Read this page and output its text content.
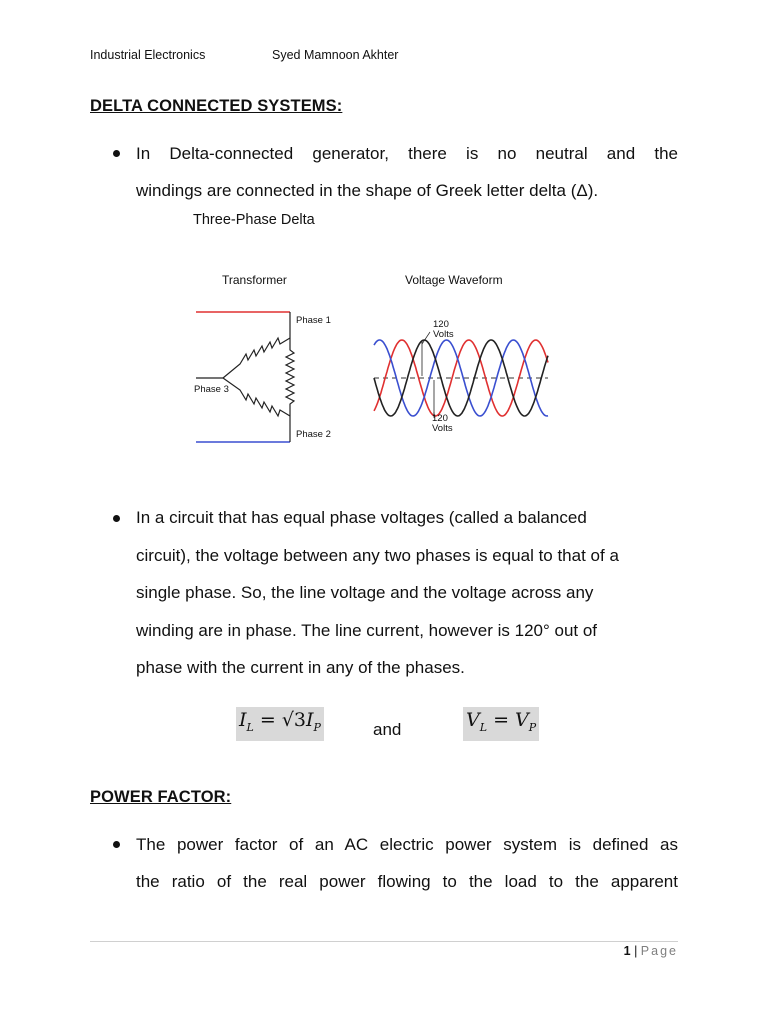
Industrial Electronics	Syed Mamnoon Akhter
DELTA CONNECTED SYSTEMS:
In Delta-connected generator, there is no neutral and the
windings are connected in the shape of Greek letter delta (Δ).
Three-Phase Delta
Transformer	Voltage Waveform
Phase 1
Phase 2
Phase 3
120
Volts
120
Volts
In a circuit that has equal phase voltages (called a balanced
circuit), the voltage between any two phases is equal to that of a
single phase. So, the line voltage and the voltage across any
winding are in phase. The line current, however is 120° out of
phase with the current in any of the phases.
$I_L = √3I_P$	and	$V_L = V_P$
POWER FACTOR:
The power factor of an AC electric power system is defined as
the ratio of the real power flowing to the load to the apparent
1 | Page
